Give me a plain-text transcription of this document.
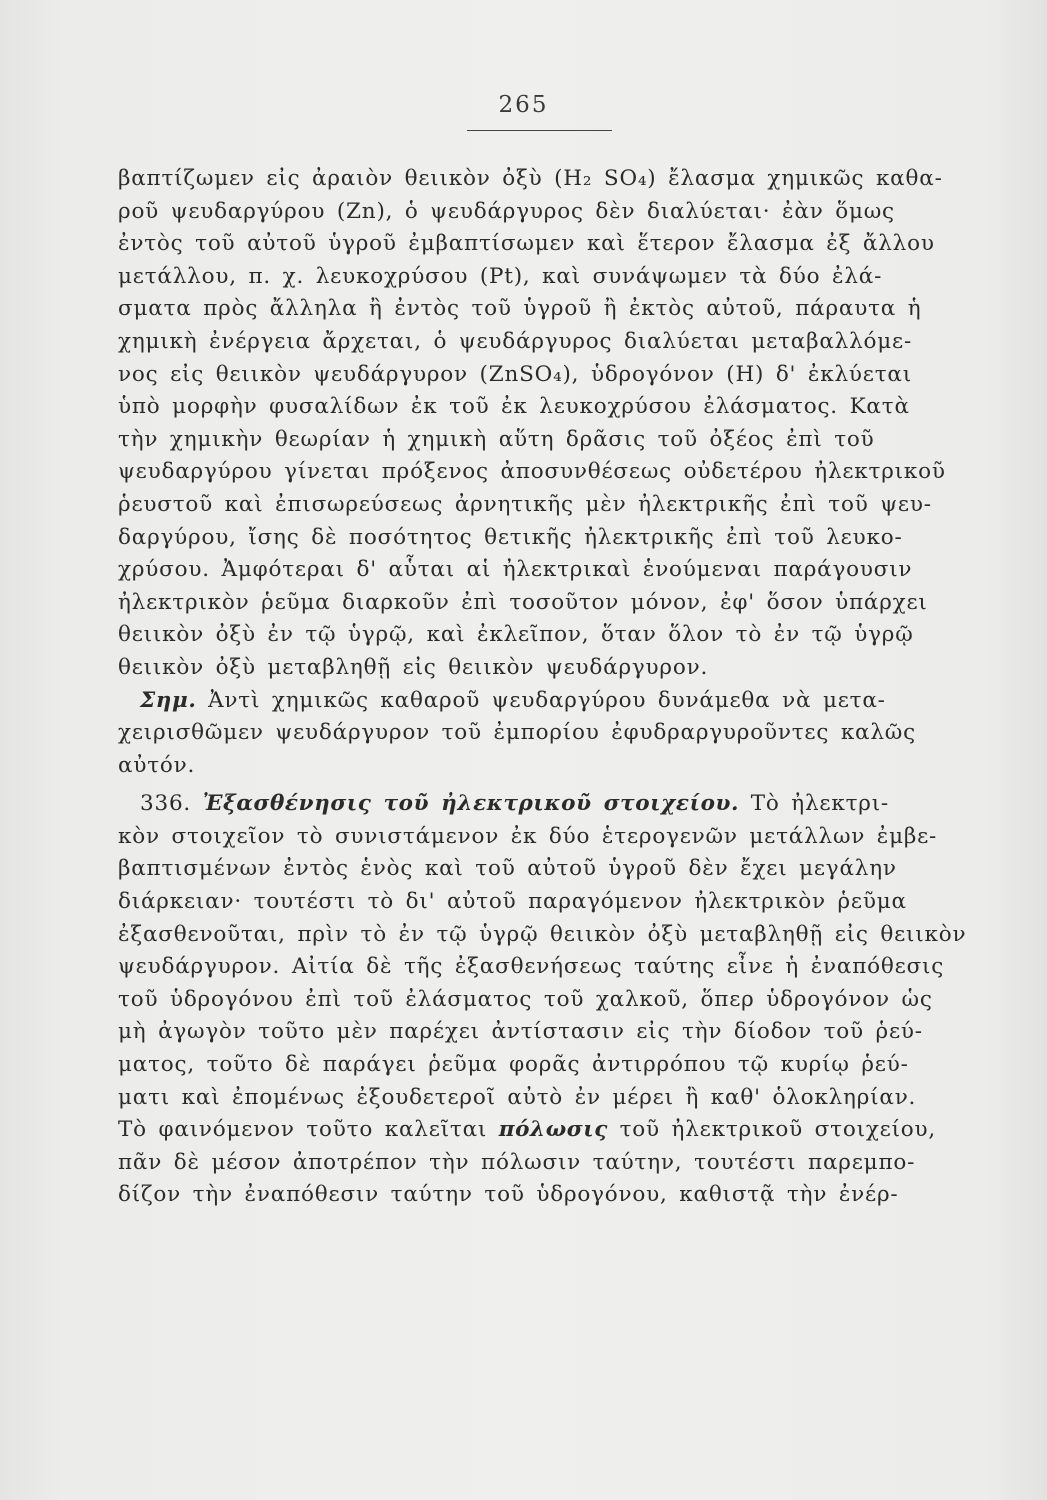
265
βαπτίζωμεν εἰς ἀραιὸν θειικὸν ὀξὺ (H₂ SO₄) ἔλασμα χημικῶς καθα-
ροῦ ψευδαργύρου (Zn), ὁ ψευδάργυρος δὲν διαλύεται· ἐὰν ὅμως
ἐντὸς τοῦ αὐτοῦ ὑγροῦ ἐμβαπτίσωμεν καὶ ἕτερον ἔλασμα ἐξ ἄλλου
μετάλλου, π. χ. λευκοχρύσου (Pt), καὶ συνάψωμεν τὰ δύο ἐλά-
σματα πρὸς ἄλληλα ἢ ἐντὸς τοῦ ὑγροῦ ἢ ἐκτὸς αὐτοῦ, πάραυτα ἡ
χημικὴ ἐνέργεια ἄρχεται, ὁ ψευδάργυρος διαλύεται μεταβαλλόμε-
νος εἰς θειικὸν ψευδάργυρον (ZnSO₄), ὑδρογόνον (H) δ' ἐκλύεται
ὑπὸ μορφὴν φυσαλίδων ἐκ τοῦ ἐκ λευκοχρύσου ἐλάσματος. Κατὰ
τὴν χημικὴν θεωρίαν ἡ χημικὴ αὕτη δρᾶσις τοῦ ὀξέος ἐπὶ τοῦ
ψευδαργύρου γίνεται πρόξενος ἀποσυνθέσεως οὐδετέρου ἠλεκτρικοῦ
ῥευστοῦ καὶ ἐπισωρεύσεως ἀρνητικῆς μὲν ἠλεκτρικῆς ἐπὶ τοῦ ψευ-
δαργύρου, ἴσης δὲ ποσότητος θετικῆς ἠλεκτρικῆς ἐπὶ τοῦ λευκο-
χρύσου. Ἀμφότεραι δ' αὗται αἱ ἠλεκτρικαὶ ἑνούμεναι παράγουσιν
ἠλεκτρικὸν ῥεῦμα διαρκοῦν ἐπὶ τοσοῦτον μόνον, ἐφ' ὅσον ὑπάρχει
θειικὸν ὀξὺ ἐν τῷ ὑγρῷ, καὶ ἐκλεῖπον, ὅταν ὅλον τὸ ἐν τῷ ὑγρῷ
θειικὸν ὀξὺ μεταβληθῇ εἰς θειικὸν ψευδάργυρον.
Σημ. Ἀντὶ χημικῶς καθαροῦ ψευδαργύρου δυνάμεθα νὰ μετα-
χειρισθῶμεν ψευδάργυρον τοῦ ἐμπορίου ἐφυδραργυροῦντες καλῶς
αὐτόν.
336. Ἐξασθένησις τοῦ ἠλεκτρικοῦ στοιχείου. Τὸ ἠλεκτρι-
κὸν στοιχεῖον τὸ συνιστάμενον ἐκ δύο ἑτερογενῶν μετάλλων ἐμβε-
βαπτισμένων ἐντὸς ἑνὸς καὶ τοῦ αὐτοῦ ὑγροῦ δὲν ἔχει μεγάλην
διάρκειαν· τουτέστι τὸ δι' αὐτοῦ παραγόμενον ἠλεκτρικὸν ῥεῦμα
ἐξασθενοῦται, πρὶν τὸ ἐν τῷ ὑγρῷ θειικὸν ὀξὺ μεταβληθῇ εἰς θειικὸν
ψευδάργυρον. Αἰτία δὲ τῆς ἐξασθενήσεως ταύτης εἶνε ἡ ἐναπόθεσις
τοῦ ὑδρογόνου ἐπὶ τοῦ ἐλάσματος τοῦ χαλκοῦ, ὅπερ ὑδρογόνον ὡς
μὴ ἀγωγὸν τοῦτο μὲν παρέχει ἀντίστασιν εἰς τὴν δίοδον τοῦ ῥεύ-
ματος, τοῦτο δὲ παράγει ῥεῦμα φορᾶς ἀντιρρόπου τῷ κυρίῳ ῥεύ-
ματι καὶ ἐπομένως ἐξουδετεροῖ αὐτὸ ἐν μέρει ἢ καθ' ὁλοκληρίαν.
Τὸ φαινόμενον τοῦτο καλεῖται πόλωσις τοῦ ἠλεκτρικοῦ στοιχείου,
πᾶν δὲ μέσον ἀποτρέπον τὴν πόλωσιν ταύτην, τουτέστι παρεμπο-
δίζον τὴν ἐναπόθεσιν ταύτην τοῦ ὑδρογόνου, καθιστᾷ τὴν ἐνέρ-
